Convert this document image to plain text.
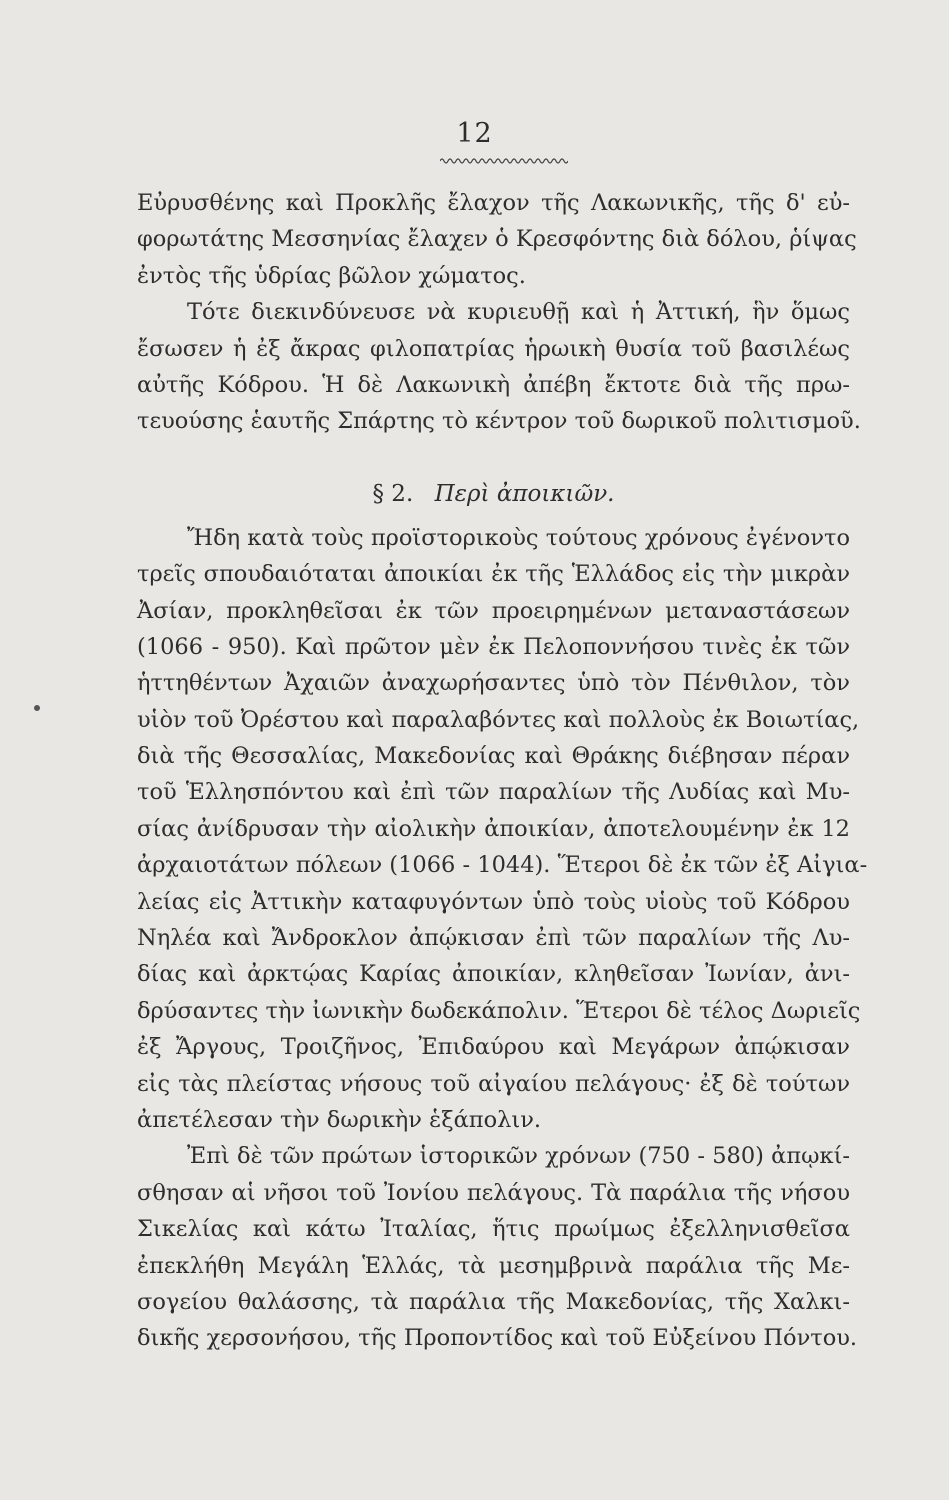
12
Εὐρυσθένης καὶ Προκλῆς ἔλαχον τῆς Λακωνικῆς, τῆς δ' εὐ-
φορωτάτης Μεσσηνίας ἔλαχεν ὁ Κρεσφόντης διὰ δόλου, ῥίψας
ἐντὸς τῆς ὑδρίας βῶλον χώματος.
Τότε διεκινδύνευσε νὰ κυριευθῇ καὶ ἡ Ἀττική, ἣν ὅμως
ἔσωσεν ἡ ἐξ ἄκρας φιλοπατρίας ἡρωικὴ θυσία τοῦ βασιλέως
αὐτῆς Κόδρου. Ἡ δὲ Λακωνικὴ ἀπέβη ἔκτοτε διὰ τῆς πρω-
τευούσης ἑαυτῆς Σπάρτης τὸ κέντρον τοῦ δωρικοῦ πολιτισμοῦ.
§ 2. Περὶ ἀποικιῶν.
Ἤδη κατὰ τοὺς προϊστορικοὺς τούτους χρόνους ἐγένοντο
τρεῖς σπουδαιόταται ἀποικίαι ἐκ τῆς Ἑλλάδος εἰς τὴν μικρὰν
Ἀσίαν, προκληθεῖσαι ἐκ τῶν προειρημένων μεταναστάσεων
(1066 - 950). Καὶ πρῶτον μὲν ἐκ Πελοποννήσου τινὲς ἐκ τῶν
ἡττηθέντων Ἀχαιῶν ἀναχωρήσαντες ὑπὸ τὸν Πένθιλον, τὸν
υἱὸν τοῦ Ὀρέστου καὶ παραλαβόντες καὶ πολλοὺς ἐκ Βοιωτίας,
διὰ τῆς Θεσσαλίας, Μακεδονίας καὶ Θράκης διέβησαν πέραν
τοῦ Ἑλλησπόντου καὶ ἐπὶ τῶν παραλίων τῆς Λυδίας καὶ Μυ-
σίας ἀνίδρυσαν τὴν αἰολικὴν ἀποικίαν, ἀποτελουμένην ἐκ 12
ἀρχαιοτάτων πόλεων (1066 - 1044). Ἕτεροι δὲ ἐκ τῶν ἐξ Αἰγια-
λείας εἰς Ἀττικὴν καταφυγόντων ὑπὸ τοὺς υἱοὺς τοῦ Κόδρου
Νηλέα καὶ Ἄνδροκλον ἀπῴκισαν ἐπὶ τῶν παραλίων τῆς Λυ-
δίας καὶ ἀρκτῴας Καρίας ἀποικίαν, κληθεῖσαν Ἰωνίαν, ἀνι-
δρύσαντες τὴν ἰωνικὴν δωδεκάπολιν. Ἕτεροι δὲ τέλος Δωριεῖς
ἐξ Ἄργους, Τροιζῆνος, Ἐπιδαύρου καὶ Μεγάρων ἀπῴκισαν
εἰς τὰς πλείστας νήσους τοῦ αἰγαίου πελάγους· ἐξ δὲ τούτων
ἀπετέλεσαν τὴν δωρικὴν ἑξάπολιν.
Ἐπὶ δὲ τῶν πρώτων ἱστορικῶν χρόνων (750 - 580) ἀπῳκί-
σθησαν αἱ νῆσοι τοῦ Ἰονίου πελάγους. Τὰ παράλια τῆς νήσου
Σικελίας καὶ κάτω Ἰταλίας, ἥτις πρωίμως ἐξελληνισθεῖσα
ἐπεκλήθη Μεγάλη Ἑλλάς, τὰ μεσημβρινὰ παράλια τῆς Με-
σογείου θαλάσσης, τὰ παράλια τῆς Μακεδονίας, τῆς Χαλκι-
δικῆς χερσονήσου, τῆς Προποντίδος καὶ τοῦ Εὐξείνου Πόντου.
